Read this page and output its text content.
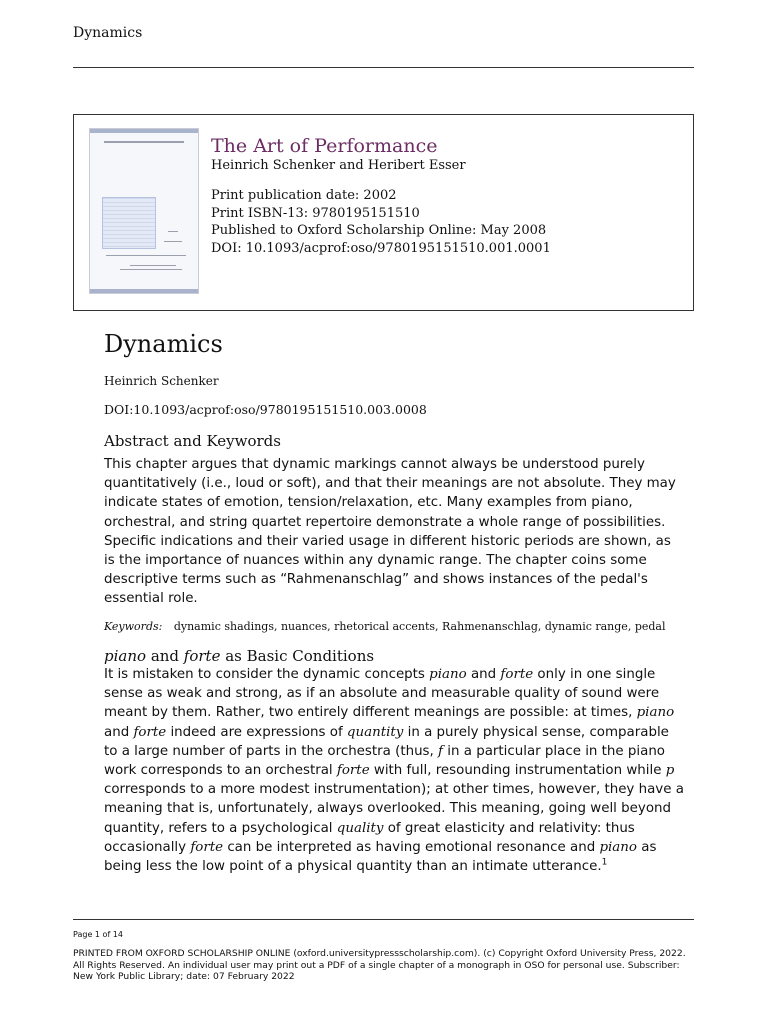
Dynamics
The Art of Performance
Heinrich Schenker and Heribert Esser
Print publication date: 2002
Print ISBN-13: 9780195151510
Published to Oxford Scholarship Online: May 2008
DOI: 10.1093/acprof:oso/9780195151510.001.0001
Dynamics
Heinrich Schenker
DOI:10.1093/acprof:oso/9780195151510.003.0008
Abstract and Keywords
This chapter argues that dynamic markings cannot always be understood purely quantitatively (i.e., loud or soft), and that their meanings are not absolute. They may indicate states of emotion, tension/relaxation, etc. Many examples from piano, orchestral, and string quartet repertoire demonstrate a whole range of possibilities. Specific indications and their varied usage in different historic periods are shown, as is the importance of nuances within any dynamic range. The chapter coins some descriptive terms such as “Rahmenanschlag” and shows instances of the pedal's essential role.
Keywords: dynamic shadings, nuances, rhetorical accents, Rahmenanschlag, dynamic range, pedal
piano and forte as Basic Conditions
It is mistaken to consider the dynamic concepts piano and forte only in one single sense as weak and strong, as if an absolute and measurable quality of sound were meant by them. Rather, two entirely different meanings are possible: at times, piano and forte indeed are expressions of quantity in a purely physical sense, comparable to a large number of parts in the orchestra (thus, f in a particular place in the piano work corresponds to an orchestral forte with full, resounding instrumentation while p corresponds to a more modest instrumentation); at other times, however, they have a meaning that is, unfortunately, always overlooked. This meaning, going well beyond quantity, refers to a psychological quality of great elasticity and relativity: thus occasionally forte can be interpreted as having emotional resonance and piano as being less the low point of a physical quantity than an intimate utterance.$^1$
Page 1 of 14
PRINTED FROM OXFORD SCHOLARSHIP ONLINE (oxford.universitypressscholarship.com). (c) Copyright Oxford University Press, 2022. All Rights Reserved. An individual user may print out a PDF of a single chapter of a monograph in OSO for personal use. Subscriber: New York Public Library; date: 07 February 2022
